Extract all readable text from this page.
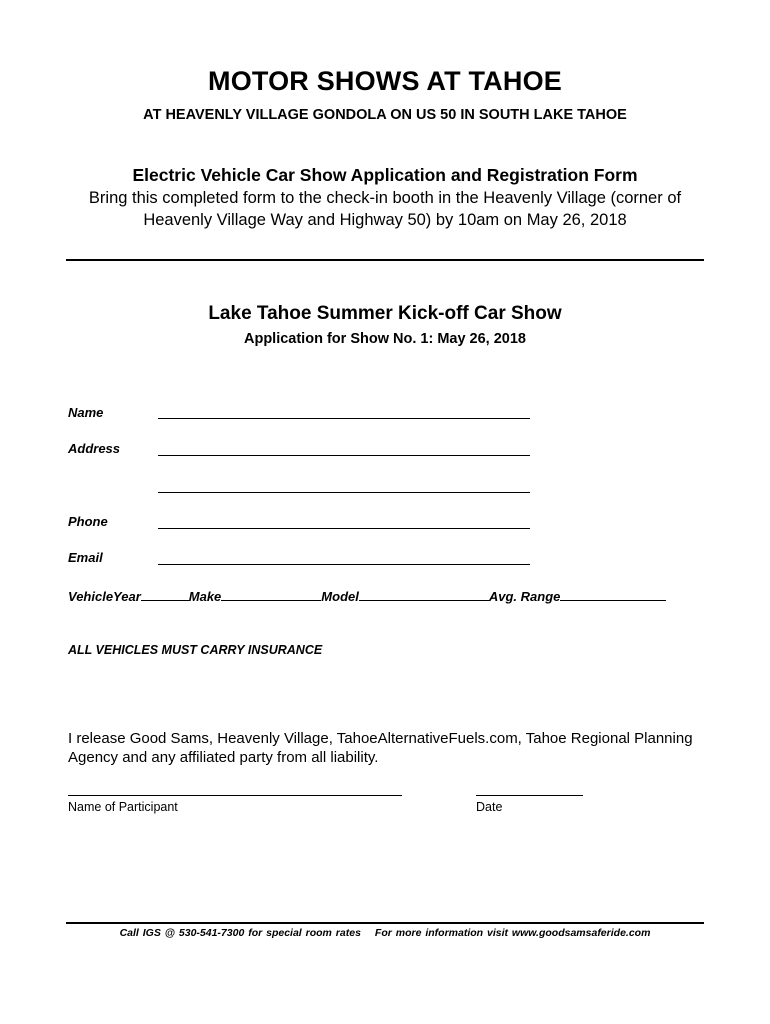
MOTOR SHOWS AT TAHOE
AT HEAVENLY VILLAGE GONDOLA ON US 50 IN SOUTH LAKE TAHOE
Electric Vehicle Car Show Application and Registration Form
Bring this completed form to the check-in booth in the Heavenly Village (corner of
Heavenly Village Way and Highway 50) by 10am on May 26, 2018
Lake Tahoe Summer Kick-off Car Show
Application for Show No. 1: May 26, 2018
Name
Address
Phone
Email
VehicleYear	Make	Model	Avg. Range
ALL VEHICLES MUST CARRY INSURANCE
I release Good Sams, Heavenly Village, TahoeAlternativeFuels.com, Tahoe Regional Planning Agency and any affiliated party from all liability.
Name of Participant	Date
Call IGS @ 530-541-7300 for special room rates For more information visit www.goodsamsaferide.com
